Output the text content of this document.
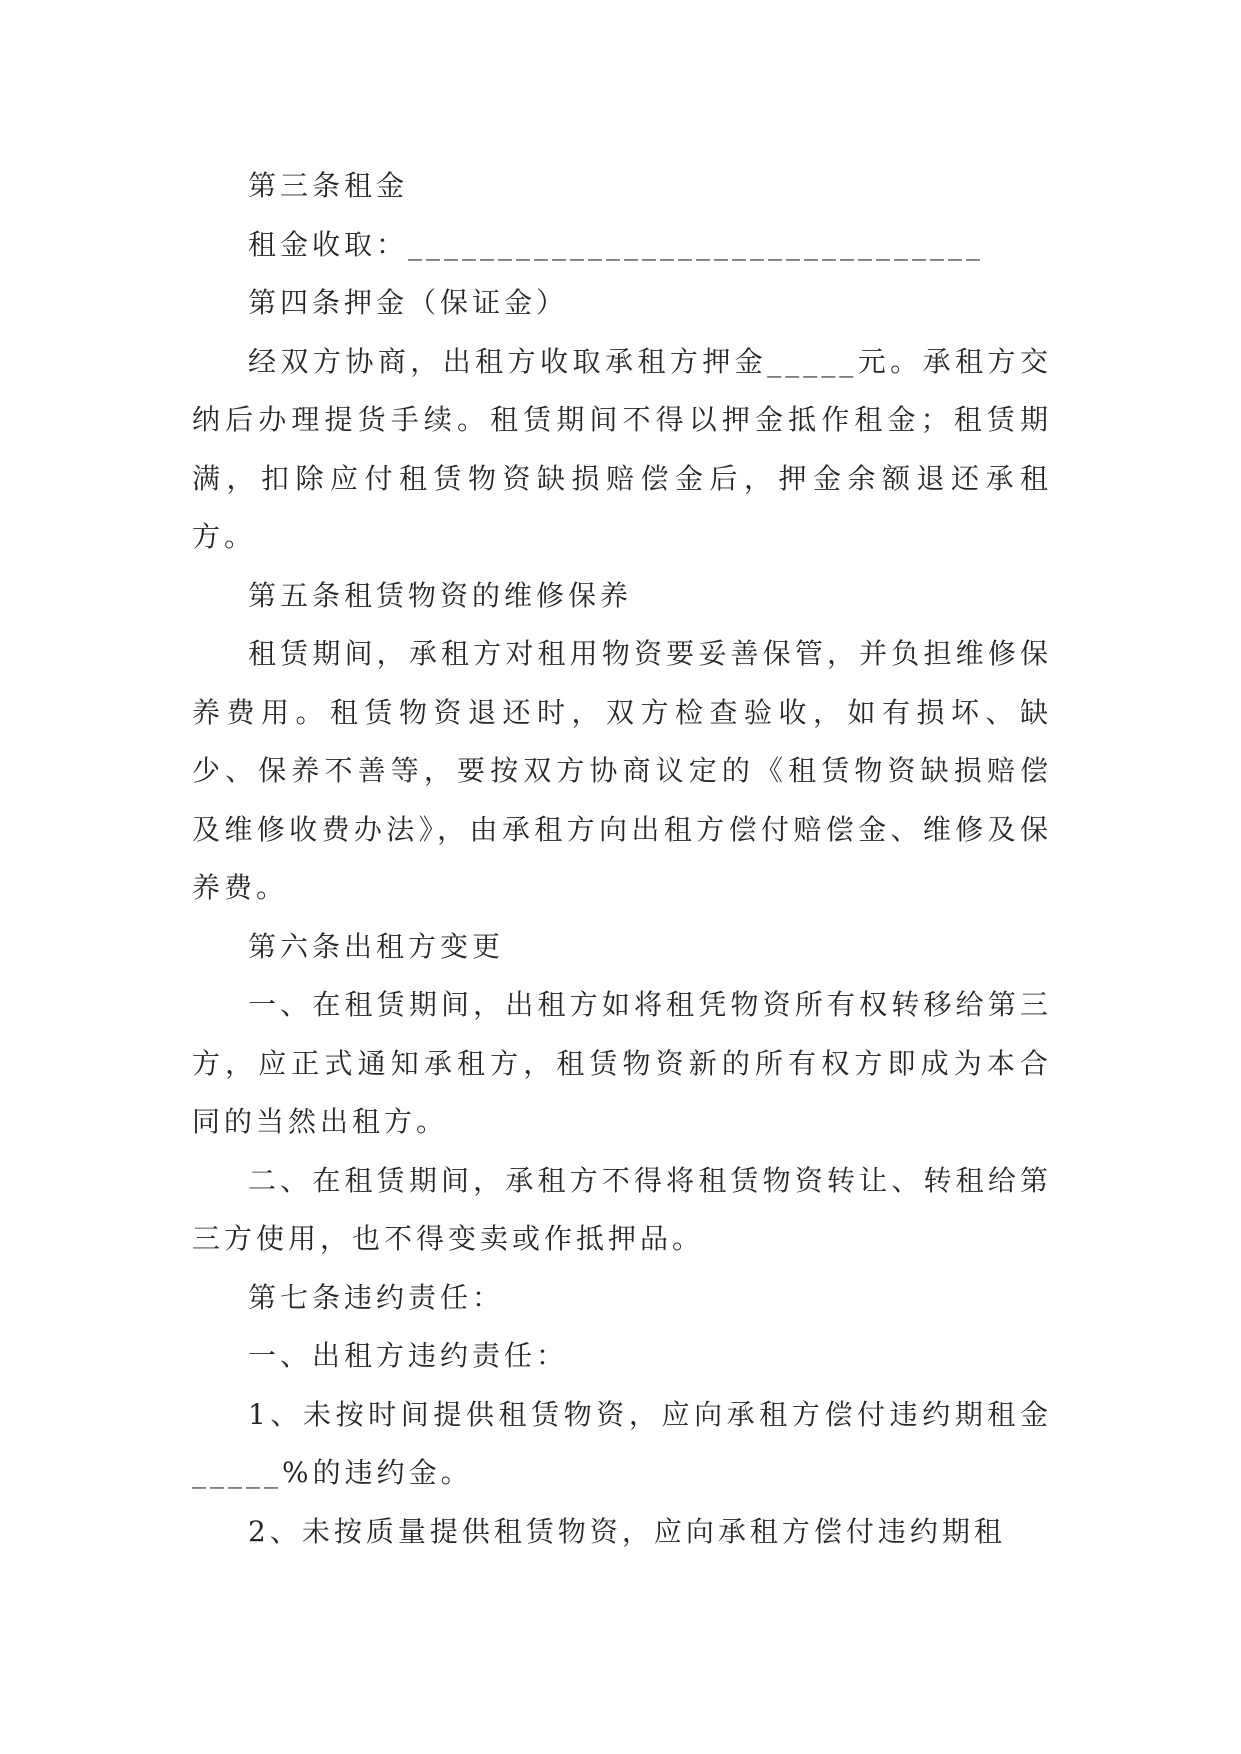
第三条租金

租金收取：________________________________

第四条押金（保证金）

经双方协商，出租方收取承租方押金_____元。承租方交纳后办理提货手续。租赁期间不得以押金抵作租金；租赁期满，扣除应付租赁物资缺损赔偿金后，押金余额退还承租方。

第五条租赁物资的维修保养

租赁期间，承租方对租用物资要妥善保管，并负担维修保养费用。租赁物资退还时，双方检查验收，如有损坏、缺少、保养不善等，要按双方协商议定的《租赁物资缺损赔偿及维修收费办法》，由承租方向出租方偿付赔偿金、维修及保养费。

第六条出租方变更

一、在租赁期间，出租方如将租凭物资所有权转移给第三方，应正式通知承租方，租赁物资新的所有权方即成为本合同的当然出租方。

二、在租赁期间，承租方不得将租赁物资转让、转租给第三方使用，也不得变卖或作抵押品。

第七条违约责任：

一、出租方违约责任：

1、未按时间提供租赁物资，应向承租方偿付违约期租金_____%的违约金。

2、未按质量提供租赁物资，应向承租方偿付违约期租
